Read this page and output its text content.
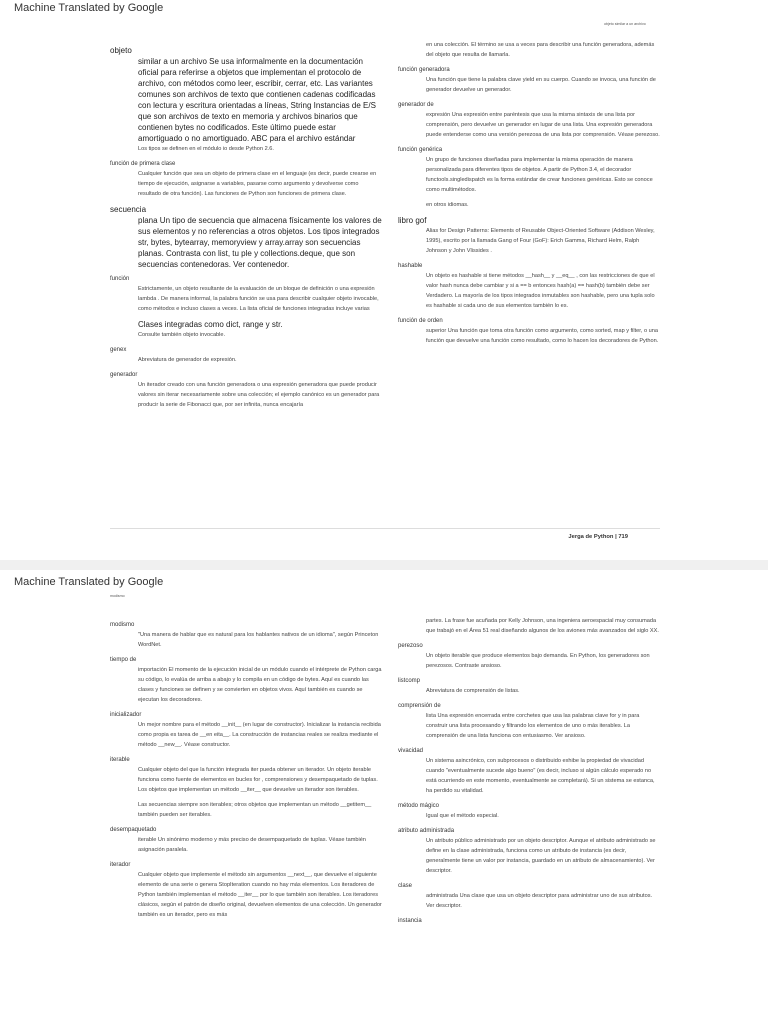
Machine Translated by Google
objeto similar a un archivo
objeto
similar a un archivo Se usa informalmente en la documentación oficial para referirse a objetos que implementan el protocolo de archivo, con métodos como leer, escribir, cerrar, etc. Las variantes comunes son archivos de texto que contienen cadenas codificadas con lectura y escritura orientadas a líneas, String Instancias de E/S que son archivos de texto en memoria y archivos binarios que contienen bytes no codificados. Este último puede estar amortiguado o no amortiguado. ABC para el archivo estándar
Los tipos se definen en el módulo io desde Python 2.6.
función de primera clase
Cualquier función que sea un objeto de primera clase en el lenguaje (es decir, puede crearse en tiempo de ejecución, asignarse a variables, pasarse como argumento y devolverse como resultado de otra función). Las funciones de Python son funciones de primera clase.
secuencia
plana Un tipo de secuencia que almacena físicamente los valores de sus elementos y no referencias a otros objetos. Los tipos integrados str, bytes, bytearray, memoryview y array.array son secuencias planas. Contrasta con list, tu ple y collections.deque, que son secuencias contenedoras. Ver contenedor.
función
Estrictamente, un objeto resultante de la evaluación de un bloque de definición o una expresión lambda . De manera informal, la palabra función se usa para describir cualquier objeto invocable, como métodos e incluso clases a veces. La lista oficial de funciones integradas incluye varias
Clases integradas como dict, range y str.
Consulte también objeto invocable.
genex
Abreviatura de generador de expresión.
generador
Un iterador creado con una función generadora o una expresión generadora que puede producir valores sin iterar necesariamente sobre una colección; el ejemplo canónico es un generador para producir la serie de Fibonacci que, por ser infinita, nunca encajaría
en una colección. El término se usa a veces para describir una función generadora, además del objeto que resulta de llamarla.
función generadora
Una función que tiene la palabra clave yield en su cuerpo. Cuando se invoca, una función de generador devuelve un generador.
generador de
expresión Una expresión entre paréntesis que usa la misma sintaxis de una lista por comprensión, pero devuelve un generador en lugar de una lista. Una expresión generadora puede entenderse como una versión perezosa de una lista por comprensión. Véase perezoso.
función genérica
Un grupo de funciones diseñadas para implementar la misma operación de manera personalizada para diferentes tipos de objetos. A partir de Python 3.4, el decorador functools.singledispatch es la forma estándar de crear funciones genéricas. Esto se conoce como multimétodos.
en otros idiomas.
libro gof
Alias for Design Patterns: Elements of Reusable Object-Oriented Software (Addison Wesley, 1995), escrito por la llamada Gang of Four (GoF): Erich Gamma, Richard Helm, Ralph Johnson y John Vlissides .
hashable
Un objeto es hashable si tiene métodos __hash__ y __eq__ , con las restricciones de que el valor hash nunca debe cambiar y si a == b entonces hash(a) == hash(b) también debe ser Verdadero. La mayoría de los tipos integrados inmutables son hashable, pero una tupla solo es hashable si cada uno de sus elementos también lo es.
función de orden
superior Una función que toma otra función como argumento, como sorted, map y filter, o una función que devuelve una función como resultado, como lo hacen los decoradores de Python.
Jerga de Python | 719
Machine Translated by Google
modismo
modismo
"Una manera de hablar que es natural para los hablantes nativos de un idioma", según Princeton WordNet.
tiempo de
importación El momento de la ejecución inicial de un módulo cuando el intérprete de Python carga su código, lo evalúa de arriba a abajo y lo compila en un código de bytes. Aquí es cuando las clases y funciones se definen y se convierten en objetos vivos. Aquí también es cuando se ejecutan los decoradores.
inicializador
Un mejor nombre para el método __init__ (en lugar de constructor). Inicializar la instancia recibida como propia es tarea de __en eita__. La construcción de instancias reales se realiza mediante el método __new__. Véase constructor.
iterable
Cualquier objeto del que la función integrada iter pueda obtener un iterador. Un objeto iterable funciona como fuente de elementos en bucles for , comprensiones y desempaquetado de tuplas. Los objetos que implementan un método __iter__ que devuelve un iterador son iterables.
Las secuencias siempre son iterables; otros objetos que implementan un método __getitem__ también pueden ser iterables.
desempaquetado
iterable Un sinónimo moderno y más preciso de desempaquetado de tuplas. Véase también asignación paralela.
iterador
Cualquier objeto que implemente el método sin argumentos __next__, que devuelve el siguiente elemento de una serie o genera StopIteration cuando no hay más elementos. Los iteradores de Python también implementan el método __iter__ por lo que también son iterables. Los iteradores clásicos, según el patrón de diseño original, devuelven elementos de una colección. Un generador también es un iterador, pero es más
partes. La frase fue acuñada por Kelly Johnson, una ingeniera aeroespacial muy consumada que trabajó en el Área 51 real diseñando algunos de los aviones más avanzados del siglo XX.
perezoso
Un objeto iterable que produce elementos bajo demanda. En Python, los generadores son perezosos. Contraste ansioso.
listcomp
Abreviatura de comprensión de listas.
comprensión de
lista Una expresión encerrada entre corchetes que usa las palabras clave for y in para construir una lista procesando y filtrando los elementos de uno o más iterables. La comprensión de una lista funciona con entusiasmo. Ver ansioso.
vivacidad
Un sistema asincrónico, con subprocesos o distribuido exhibe la propiedad de vivacidad cuando "eventualmente sucede algo bueno" (es decir, incluso si algún cálculo esperado no está ocurriendo en este momento, eventualmente se completará). Si un sistema se estanca, ha perdido su vitalidad.
método mágico
Igual que el método especial.
atributo administrada
Un atributo público administrado por un objeto descriptor. Aunque el atributo administrado se define en la clase administrada, funciona como un atributo de instancia (es decir, generalmente tiene un valor por instancia, guardado en un atributo de almacenamiento). Ver descriptor.
clase
administrada Una clase que usa un objeto descriptor para administrar uno de sus atributos. Ver descriptor.
instancia
